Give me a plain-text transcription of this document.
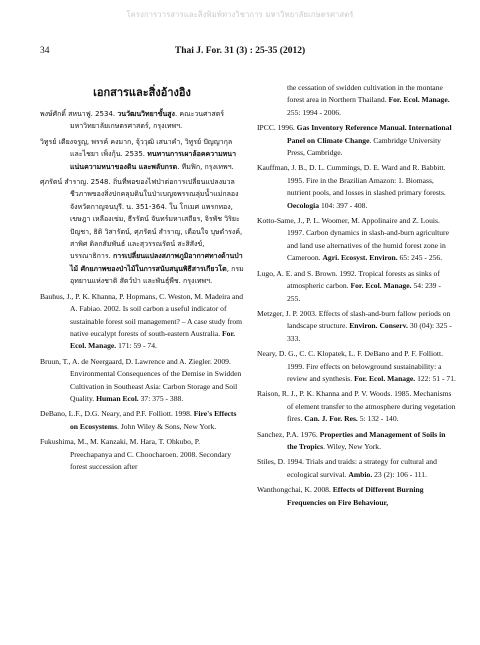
โครงการวารสารและสิ่งพิมพ์ทางวิชาการ มหาวิทยาลัยเกษตรศาสตร์
34	Thai J. For. 31 (3) : 25-35 (2012)
เอกสารและสิ่งอ้างอิง

พงษ์ศักดิ์ สหนาฟู. 2534. วนวัฒนวิทยาขั้นสูง. คณะวนศาสตร์ มหาวิทยาลัยเกษตรศาสตร์, กรุงเทพฯ.

วิทูรย์ เตียงจรูญ, พรรค์ คงมาก, จุ้ววุฒิ เสนาคำ, วิทูรย์ ปัญญากุล และไชยา เพ็งกุ้น. 2535. ทนทานการเผาล้อคความหนาแน่นความหนาของดิน และพลับกรด. ทีมฟิก, กรุงเทพฯ.

ศุภรัตน์ สำราญ. 2548. ถิ่นที่พอของไฟป่าต่อการเปลี่ยนแปลงมวลชีวภาพของสิ่งปกคลุมดินในป่าเบญจพรรณลุ่มน้ำแม่กลอง จังหวัดกาญจนบุรี. น. 351-364. ใน โกเมศ แพรกทอง, เขษฎา เหลืองเข่ม, ธีรรัตน์ จันทร์มหาเสถียร, จิรพัช วิริยะปัญชา, ธิติ วิสารัตน์, ศุภรัตน์ สำราญ, เตือนใจ บุษดำรงค์, สาพิศ ดิลกสัมพันธ์ และสุวรรณรัตน์ สะสิสังข์, บรรณาธิการ. การเปลี่ยนแปลงสภาพภูมิอากาศทางด้านป่าไม้ ศักยภาพของป่าไม้ในการสนับสนุนพิธีสารเกียวโต, กรมอุทยานแห่งชาติ สัตว์ป่า และพันธุ์พืช. กรุงเทพฯ.

Bauhus, J., P. K. Khanna, P. Hopmans, C. Weston, M. Madeira and A. Fabiao. 2002. Is soil carbon a useful indicator of sustainable forest soil management? – A case study from native eucalypt forests of south-eastern Australia. For. Ecol. Manage. 171: 59 - 74.

Bruun, T., A. de Neergaard, D. Lawrence and A. Ziegler. 2009. Environmental Consequences of the Demise in Swidden Cultivation in Southeast Asia: Carbon Storage and Soil Quality. Human Ecol. 37: 375 - 388.

DeBano, L.F., D.G. Neary, and P.F. Folliott. 1998. Fire's Effects on Ecosystems. John Wiley & Sons, New York.

Fukushima, M., M. Kanzaki, M. Hara, T. Ohkubo, P. Preechapanya and C. Choocharoen. 2008. Secondary forest succession after

the cessation of swidden cultivation in the montane forest area in Northern Thailand. For. Ecol. Manage. 255: 1994 - 2006.

IPCC. 1996. Gas Inventory Reference Manual. International Panel on Climate Change. Cambridge University Press, Cambridge.

Kauffman, J. B., D. L. Cummings, D. E. Ward and R. Babbitt. 1995. Fire in the Brazilian Amazon: 1. Biomass, nutrient pools, and losses in slashed primary forests. Oecologia 104: 397 - 408.

Kotto-Same, J., P. L. Woomer, M. Appolinaire and Z. Louis. 1997. Carbon dynamics in slash-and-burn agriculture and land use alternatives of the humid forest zone in Cameroon. Agri. Ecosyst. Environ. 65: 245 - 256.

Lugo, A. E. and S. Brown. 1992. Tropical forests as sinks of atmospheric carbon. For. Ecol. Manage. 54: 239 - 255.

Metzger, J. P. 2003. Effects of slash-and-burn fallow periods on landscape structure. Environ. Conserv. 30 (04): 325 - 333.

Neary, D. G., C. C. Klopatek, L. F. DeBano and P. F. Folliott. 1999. Fire effects on belowground sustainability: a review and synthesis. For. Ecol. Manage. 122: 51 - 71.

Raison, R. J., P. K. Khanna and P. V. Woods. 1985. Mechanisms of element transfer to the atmosphere during vegetation fires. Can. J. For. Res. 5: 132 - 140.

Sanchez, P.A. 1976. Properties and Management of Soils in the Tropics. Wiley, New York.

Stiles, D. 1994. Trials and traids: a strategy for cultural and ecological survival. Ambio. 23 (2): 106 - 111.

Wanthongchai, K. 2008. Effects of Different Burning Frequencies on Fire Behaviour,
